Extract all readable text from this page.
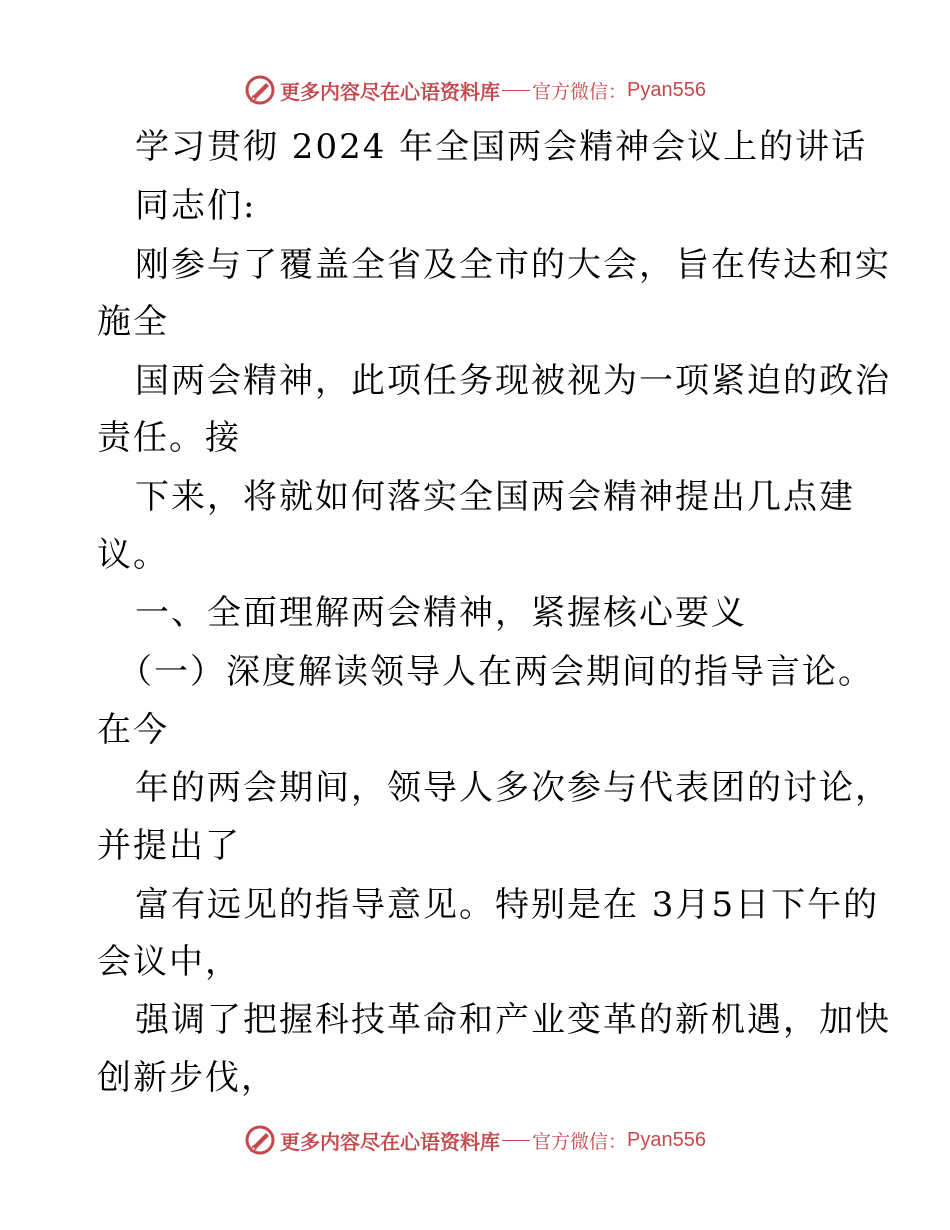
更多内容尽在心语资料库 官方微信： Pyan556
学习贯彻 2024 年全国两会精神会议上的讲话
同志们:
刚参与了覆盖全省及全市的大会，旨在传达和实
施全
国两会精神，此项任务现被视为一项紧迫的政治
责任。接
下来，将就如何落实全国两会精神提出几点建
议。
一、全面理解两会精神，紧握核心要义
（一）深度解读领导人在两会期间的指导言论。
在今
年的两会期间，领导人多次参与代表团的讨论，
并提出了
富有远见的指导意见。特别是在 3月5日下午的
会议中，
强调了把握科技革命和产业变革的新机遇，加快
创新步伐，
更多内容尽在心语资料库 官方微信： Pyan556
